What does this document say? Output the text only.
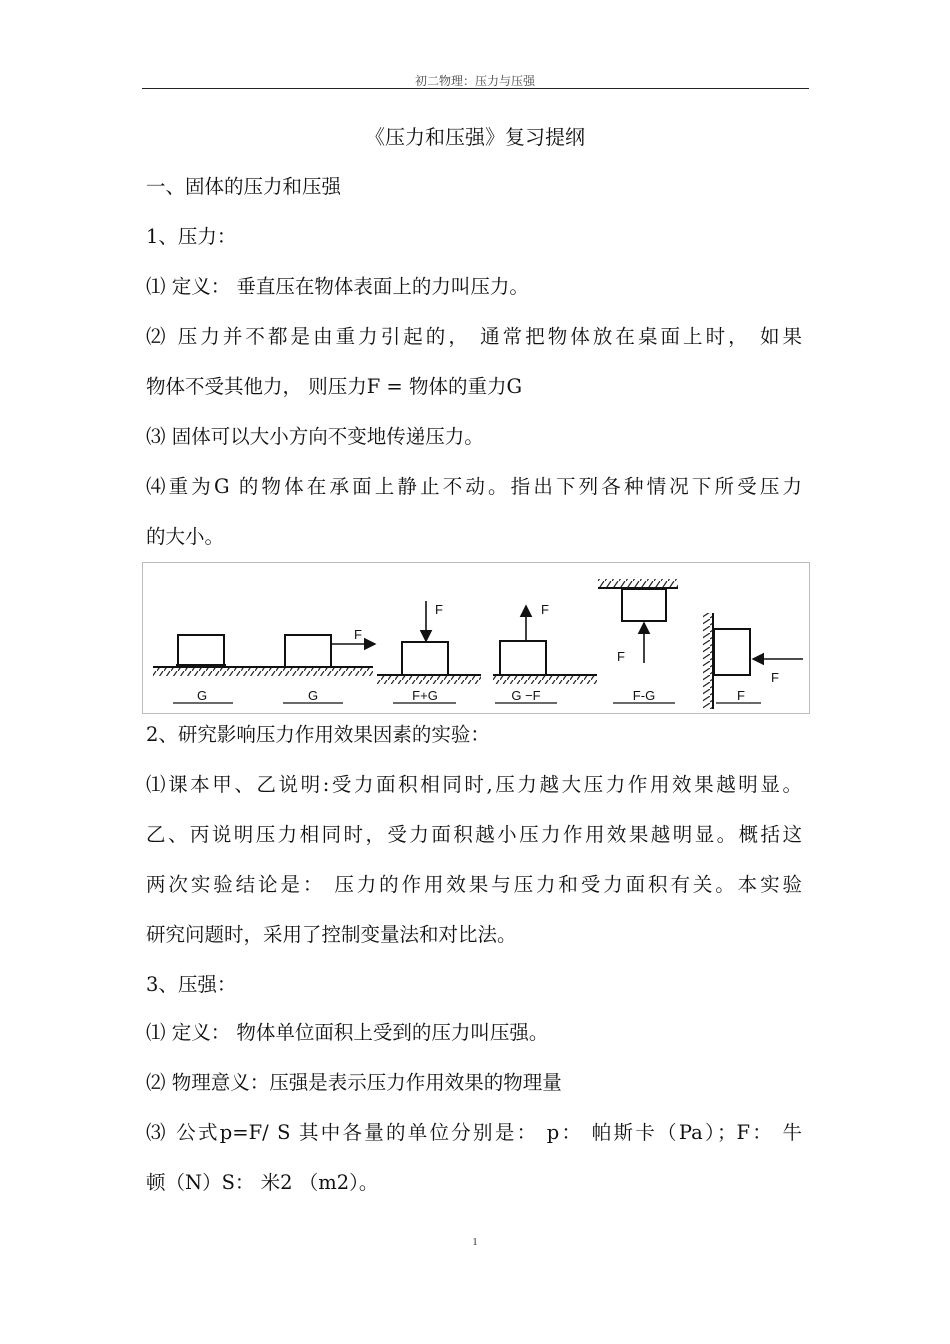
初二物理：压力与压强
《压力和压强》复习提纲
一、固体的压力和压强
1、压力：
⑴ 定义： 垂直压在物体表面上的力叫压力。
⑵ 压力并不都是由重力引起的， 通常把物体放在桌面上时， 如果
物体不受其他力， 则压力F = 物体的重力G
⑶ 固体可以大小方向不变地传递压力。
⑷重为G 的物体在承面上静止不动。指出下列各种情况下所受压力
的大小。
F
F	F
F
F
G	G	F+G	G −F	F-G	F
2、研究影响压力作用效果因素的实验：
⑴课本甲、乙说明:受力面积相同时,压力越大压力作用效果越明显。
乙、丙说明压力相同时，受力面积越小压力作用效果越明显。概括这
两次实验结论是： 压力的作用效果与压力和受力面积有关。本实验
研究问题时，采用了控制变量法和对比法。
3、压强：
⑴ 定义： 物体单位面积上受到的压力叫压强。
⑵ 物理意义：压强是表示压力作用效果的物理量
⑶ 公式p=F/ S 其中各量的单位分别是： p： 帕斯卡（Pa）；F： 牛
顿（N）S： 米2 （m2）。
1
